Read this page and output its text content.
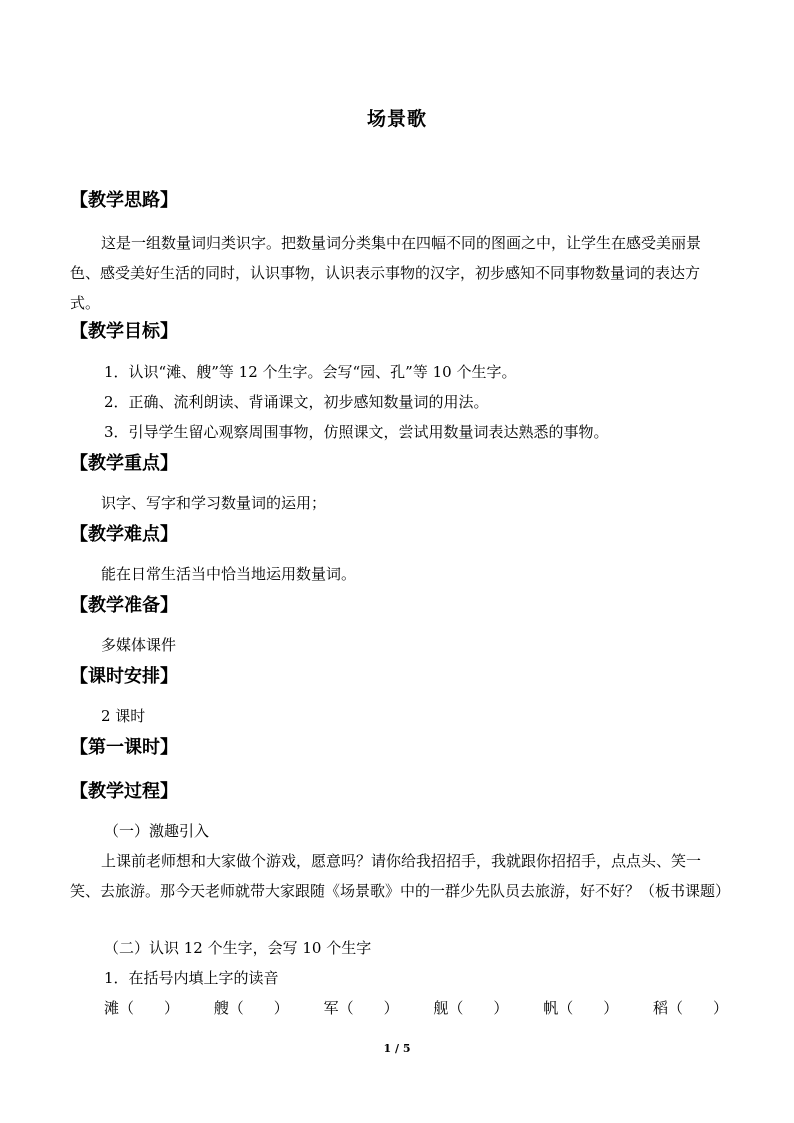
场景歌
【教学思路】
这是一组数量词归类识字。把数量词分类集中在四幅不同的图画之中，让学生在感受美丽景色、感受美好生活的同时，认识事物，认识表示事物的汉字，初步感知不同事物数量词的表达方式。
【教学目标】
1．认识“滩、艘”等 12 个生字。会写“园、孔”等 10 个生字。
2．正确、流利朗读、背诵课文，初步感知数量词的用法。
3．引导学生留心观察周围事物，仿照课文，尝试用数量词表达熟悉的事物。
【教学重点】
识字、写字和学习数量词的运用；
【教学难点】
能在日常生活当中恰当地运用数量词。
【教学准备】
多媒体课件
【课时安排】
2 课时
【第一课时】
【教学过程】
（一）激趣引入
上课前老师想和大家做个游戏，愿意吗？请你给我招招手，我就跟你招招手，点点头、笑一笑、去旅游。那今天老师就带大家跟随《场景歌》中的一群少先队员去旅游，好不好？（板书课题）
（二）认识 12 个生字，会写 10 个生字
1．在括号内填上字的读音
滩（　　） 艘（　　） 军（　　） 舰（　　） 帆（　　） 稻（　　）
1 / 5
